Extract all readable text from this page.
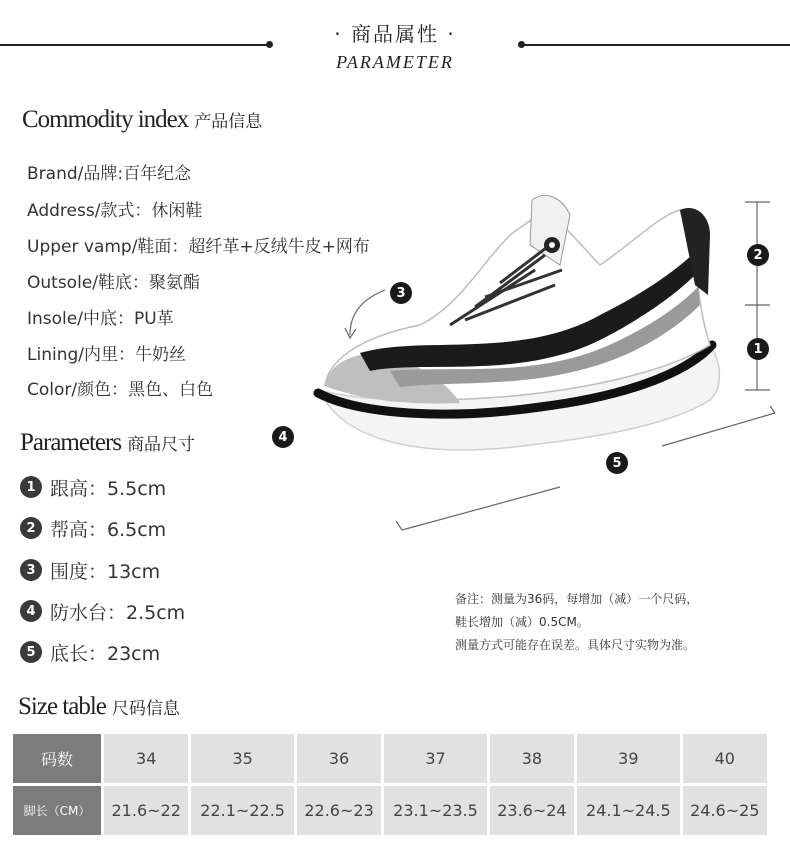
· 商品属性 ·
PARAMETER
Commodity index 产品信息
Brand/品牌:百年纪念
Address/款式：休闲鞋
Upper vamp/鞋面：超纤革+反绒牛皮+网布
Outsole/鞋底：聚氨酯
Insole/中底：PU革
Lining/内里：牛奶丝
Color/颜色：黑色、白色
Parameters 商品尺寸
1 跟高：5.5cm
2 帮高：6.5cm
3 围度：13cm
4 防水台：2.5cm
5 底长：23cm
1
2
3
4
5
备注：测量为36码，每增加（减）一个尺码，
鞋长增加（减）0.5CM。
测量方式可能存在误差。具体尺寸实物为准。
Size table 尺码信息
码数	34	35	36	37	38	39	40
脚长（CM）	21.6~22	22.1~22.5	22.6~23	23.1~23.5	23.6~24	24.1~24.5	24.6~25
